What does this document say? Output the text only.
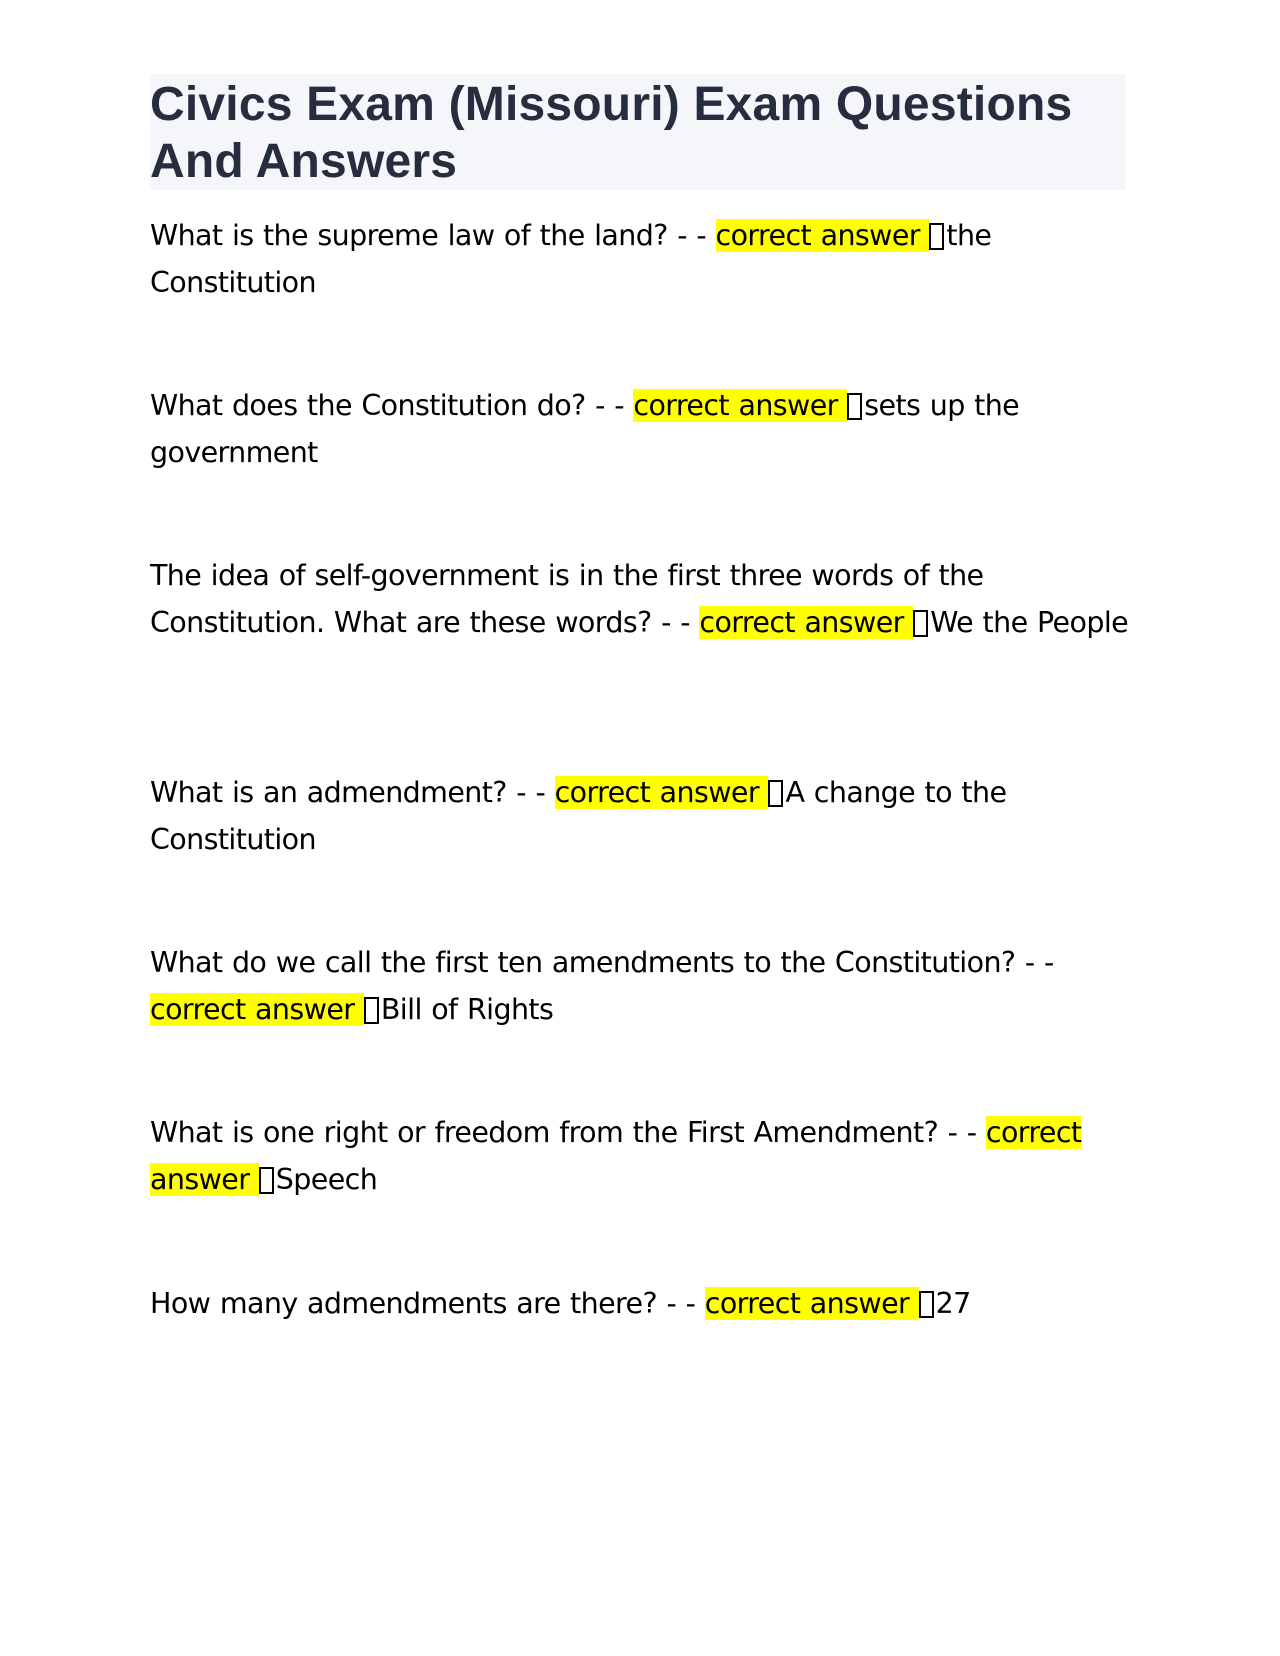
Civics Exam (Missouri) Exam Questions And Answers

What is the supreme law of the land? - - correct answer the Constitution

What does the Constitution do? - - correct answer sets up the government

The idea of self-government is in the first three words of the Constitution. What are these words? - - correct answer We the People

What is an admendment? - - correct answer A change to the Constitution

What do we call the first ten amendments to the Constitution? - - correct answer Bill of Rights

What is one right or freedom from the First Amendment? - - correct answer Speech

How many admendments are there? - - correct answer 27
